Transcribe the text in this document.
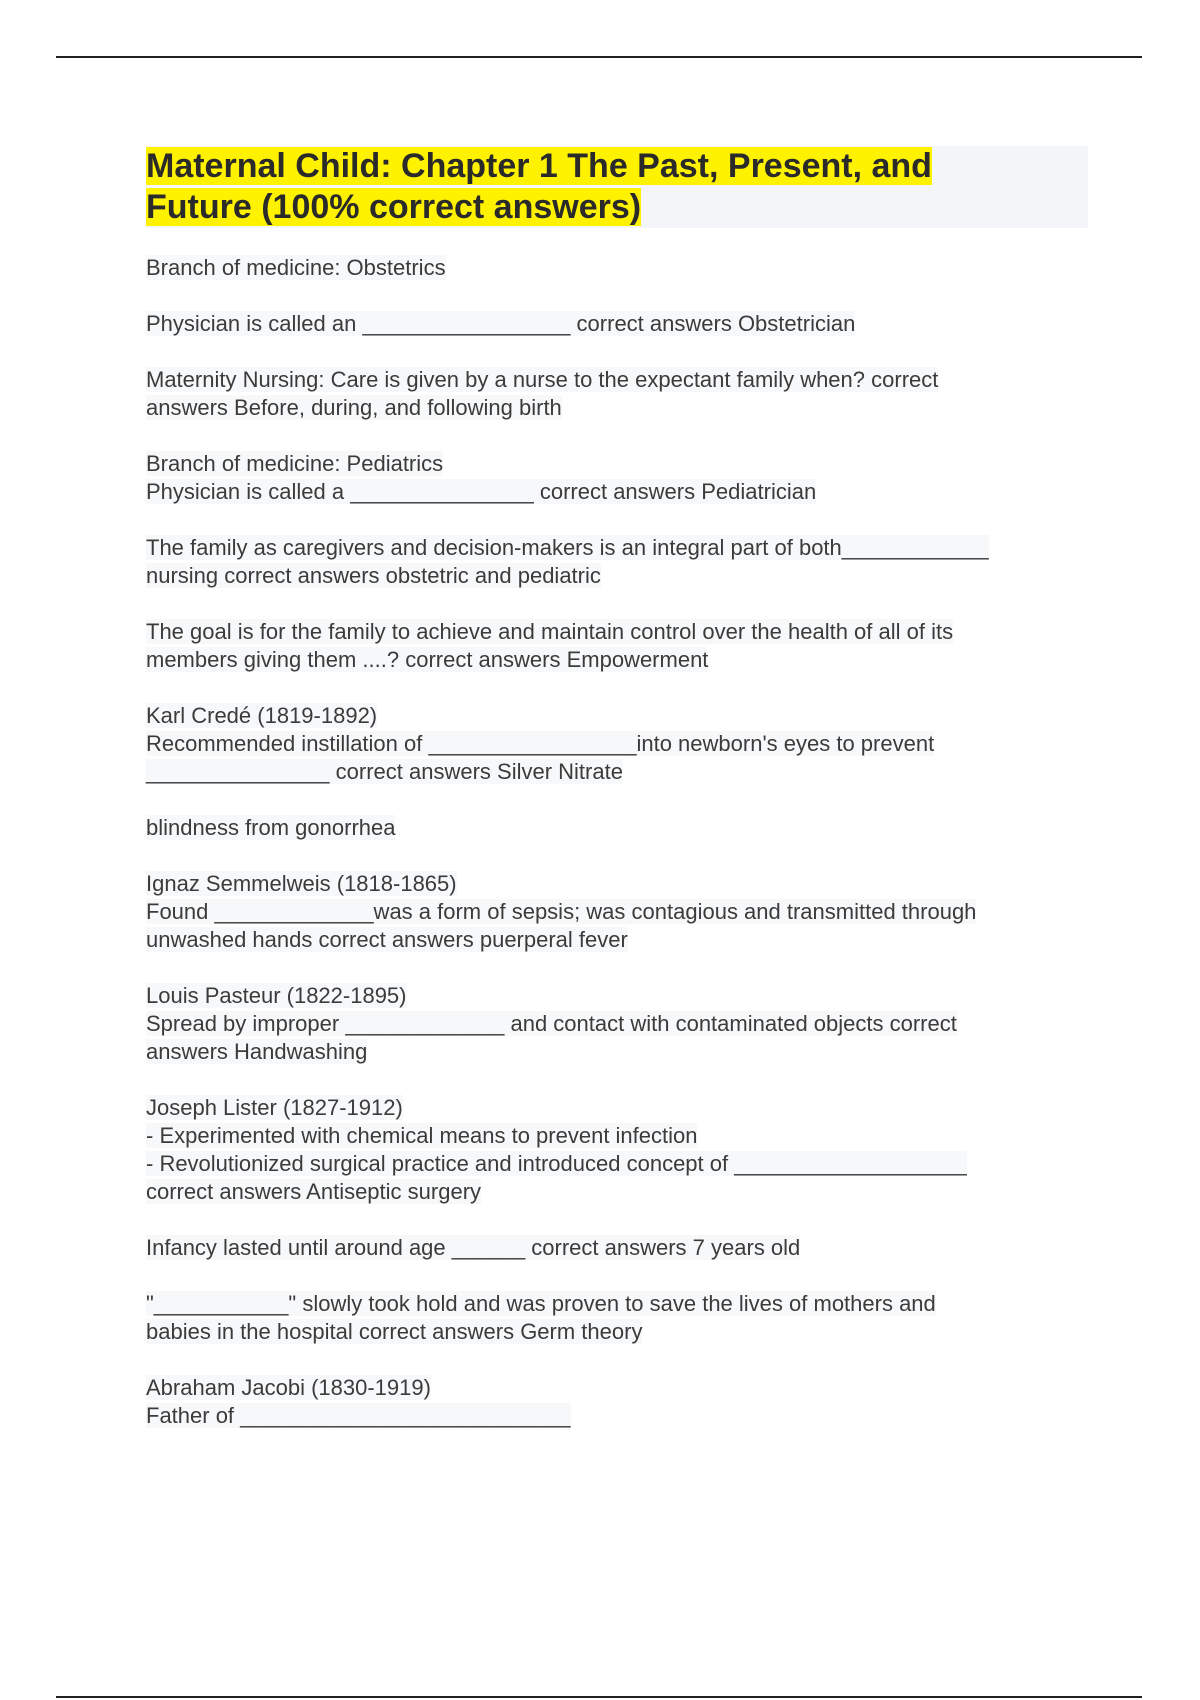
Maternal Child: Chapter 1 The Past, Present, and
Future (100% correct answers)

Branch of medicine: Obstetrics

Physician is called an _________________ correct answers Obstetrician

Maternity Nursing: Care is given by a nurse to the expectant family when? correct
answers Before, during, and following birth

Branch of medicine: Pediatrics
Physician is called a _______________ correct answers Pediatrician

The family as caregivers and decision-makers is an integral part of both____________
nursing correct answers obstetric and pediatric

The goal is for the family to achieve and maintain control over the health of all of its
members giving them ....? correct answers Empowerment

Karl Credé (1819-1892)
Recommended instillation of _________________into newborn's eyes to prevent
_______________ correct answers Silver Nitrate

blindness from gonorrhea

Ignaz Semmelweis (1818-1865)
Found _____________was a form of sepsis; was contagious and transmitted through
unwashed hands correct answers puerperal fever

Louis Pasteur (1822-1895)
Spread by improper _____________ and contact with contaminated objects correct
answers Handwashing

Joseph Lister (1827-1912)
- Experimented with chemical means to prevent infection
- Revolutionized surgical practice and introduced concept of ___________________
correct answers Antiseptic surgery

Infancy lasted until around age ______ correct answers 7 years old

"___________" slowly took hold and was proven to save the lives of mothers and
babies in the hospital correct answers Germ theory

Abraham Jacobi (1830-1919)
Father of ___________________________
